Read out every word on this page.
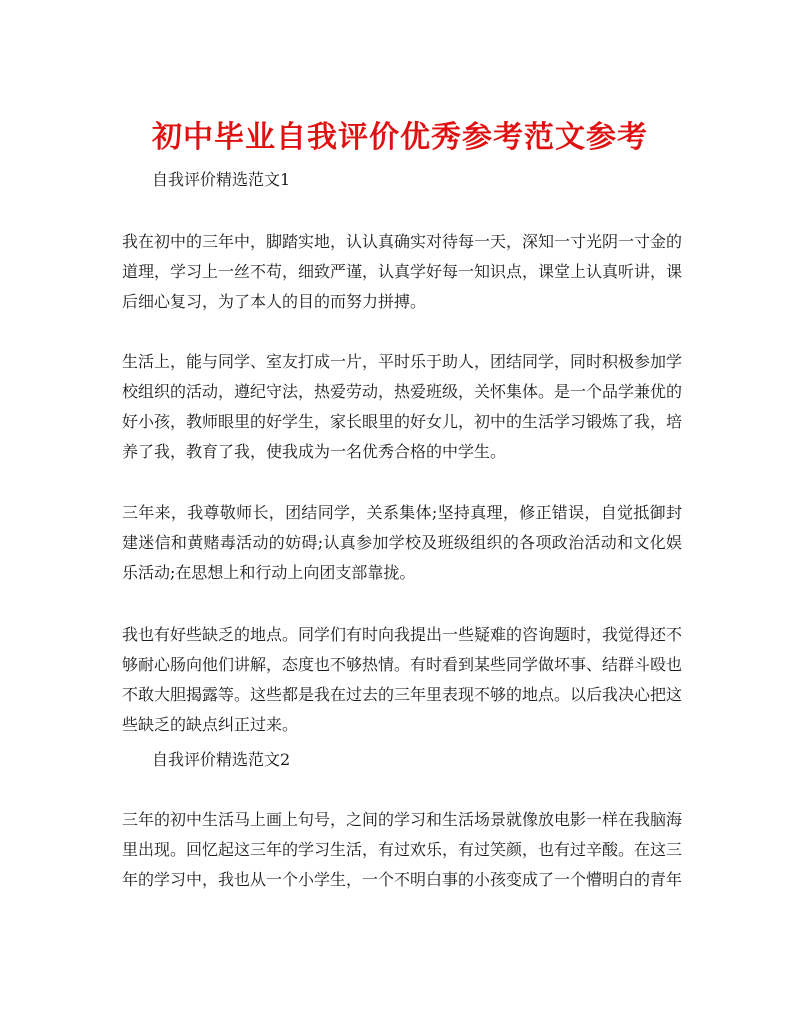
初中毕业自我评价优秀参考范文参考
自我评价精选范文1
我在初中的三年中，脚踏实地，认认真确实对待每一天，深知一寸光阴一寸金的道理，学习上一丝不苟，细致严谨，认真学好每一知识点，课堂上认真听讲，课后细心复习，为了本人的目的而努力拼搏。
生活上，能与同学、室友打成一片，平时乐于助人，团结同学，同时积极参加学校组织的活动，遵纪守法，热爱劳动，热爱班级，关怀集体。是一个品学兼优的好小孩，教师眼里的好学生，家长眼里的好女儿，初中的生活学习锻炼了我，培养了我，教育了我，使我成为一名优秀合格的中学生。
三年来，我尊敬师长，团结同学，关系集体;坚持真理，修正错误，自觉抵御封建迷信和黄赌毒活动的妨碍;认真参加学校及班级组织的各项政治活动和文化娱乐活动;在思想上和行动上向团支部靠拢。
我也有好些缺乏的地点。同学们有时向我提出一些疑难的咨询题时，我觉得还不够耐心肠向他们讲解，态度也不够热情。有时看到某些同学做坏事、结群斗殴也不敢大胆揭露等。这些都是我在过去的三年里表现不够的地点。以后我决心把这些缺乏的缺点纠正过来。
自我评价精选范文2
三年的初中生活马上画上句号，之间的学习和生活场景就像放电影一样在我脑海里出现。回忆起这三年的学习生活，有过欢乐，有过笑颜，也有过辛酸。在这三年的学习中，我也从一个小学生，一个不明白事的小孩变成了一个懵明白的青年
